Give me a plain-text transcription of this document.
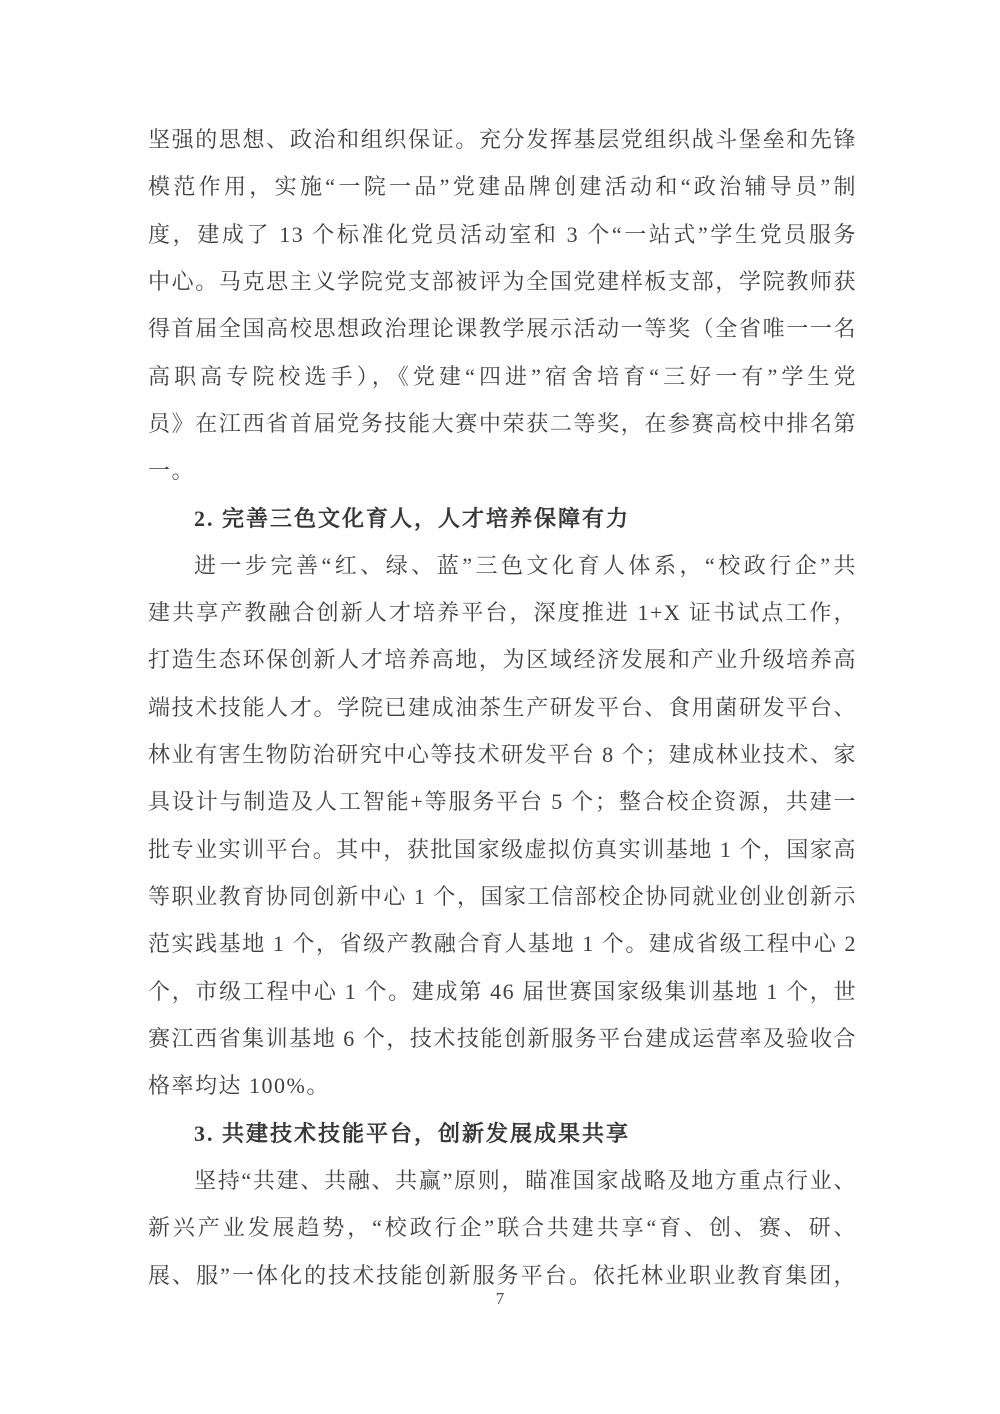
坚强的思想、政治和组织保证。充分发挥基层党组织战斗堡垒和先锋
模范作用，实施“一院一品”党建品牌创建活动和“政治辅导员”制
度，建成了 13 个标准化党员活动室和 3 个“一站式”学生党员服务
中心。马克思主义学院党支部被评为全国党建样板支部，学院教师获
得首届全国高校思想政治理论课教学展示活动一等奖（全省唯一一名
高职高专院校选手），《党建“四进”宿舍培育“三好一有”学生党
员》在江西省首届党务技能大赛中荣获二等奖，在参赛高校中排名第
一。
2. 完善三色文化育人，人才培养保障有力
进一步完善“红、绿、蓝”三色文化育人体系，“校政行企”共
建共享产教融合创新人才培养平台，深度推进 1+X 证书试点工作，
打造生态环保创新人才培养高地，为区域经济发展和产业升级培养高
端技术技能人才。学院已建成油茶生产研发平台、食用菌研发平台、
林业有害生物防治研究中心等技术研发平台 8 个；建成林业技术、家
具设计与制造及人工智能+等服务平台 5 个；整合校企资源，共建一
批专业实训平台。其中，获批国家级虚拟仿真实训基地 1 个，国家高
等职业教育协同创新中心 1 个，国家工信部校企协同就业创业创新示
范实践基地 1 个，省级产教融合育人基地 1 个。建成省级工程中心 2
个，市级工程中心 1 个。建成第 46 届世赛国家级集训基地 1 个，世
赛江西省集训基地 6 个，技术技能创新服务平台建成运营率及验收合
格率均达 100%。
3. 共建技术技能平台，创新发展成果共享
坚持“共建、共融、共赢”原则，瞄准国家战略及地方重点行业、
新兴产业发展趋势，“校政行企”联合共建共享“育、创、赛、研、
展、服”一体化的技术技能创新服务平台。依托林业职业教育集团，
7
